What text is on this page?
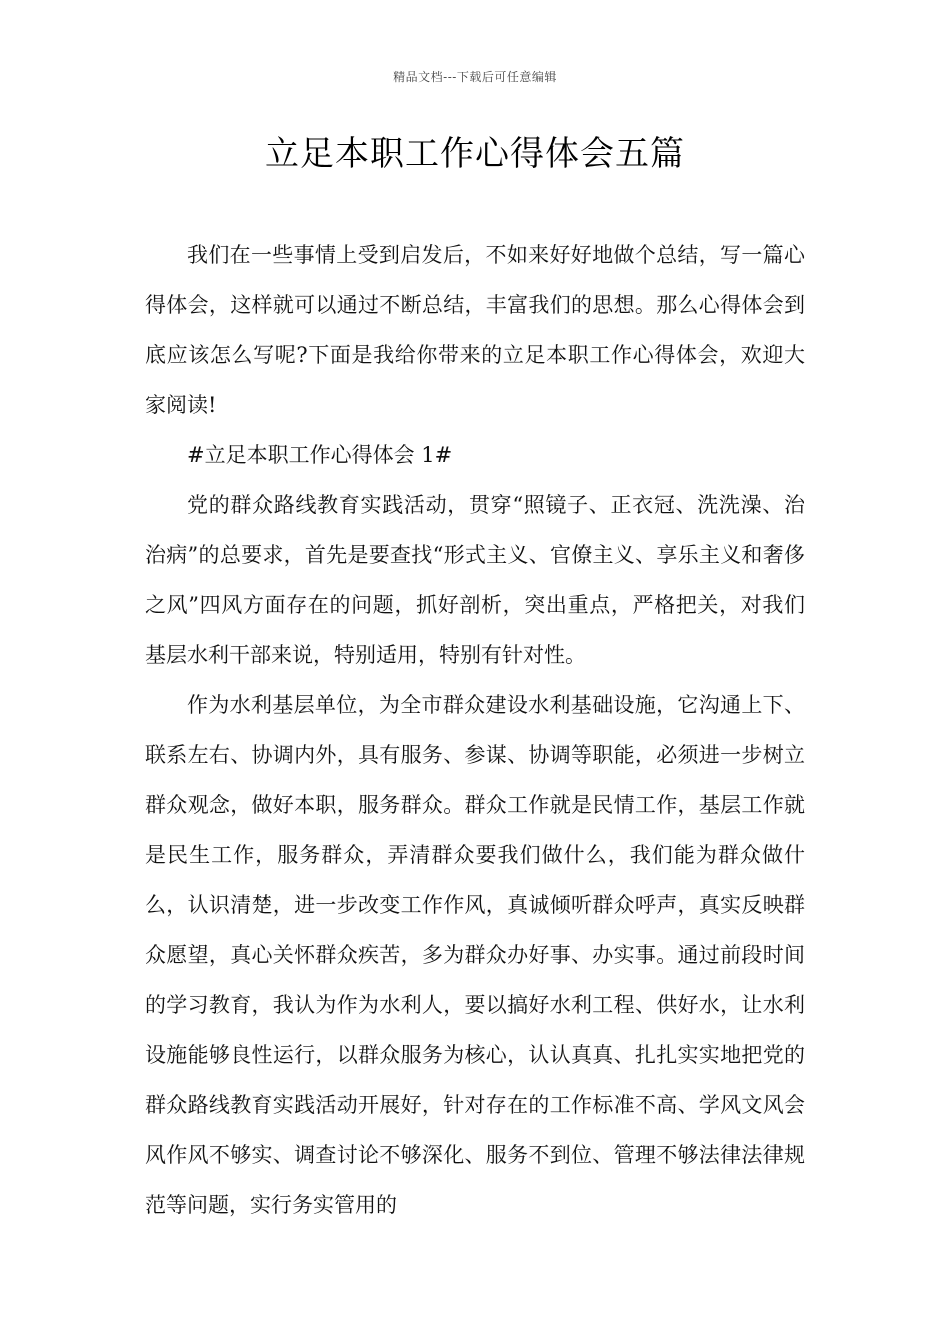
精品文档---下载后可任意编辑
立足本职工作心得体会五篇

我们在一些事情上受到启发后，不如来好好地做个总结，写一篇心得体会，这样就可以通过不断总结，丰富我们的思想。那么心得体会到底应该怎么写呢?下面是我给你带来的立足本职工作心得体会，欢迎大家阅读!

#立足本职工作心得体会 1#

党的群众路线教育实践活动，贯穿“照镜子、正衣冠、洗洗澡、治治病”的总要求，首先是要查找“形式主义、官僚主义、享乐主义和奢侈之风”四风方面存在的问题，抓好剖析，突出重点，严格把关，对我们基层水利干部来说，特别适用，特别有针对性。

作为水利基层单位，为全市群众建设水利基础设施，它沟通上下、联系左右、协调内外，具有服务、参谋、协调等职能，必须进一步树立群众观念，做好本职，服务群众。群众工作就是民情工作，基层工作就是民生工作，服务群众，弄清群众要我们做什么，我们能为群众做什么，认识清楚，进一步改变工作作风，真诚倾听群众呼声，真实反映群众愿望，真心关怀群众疾苦，多为群众办好事、办实事。通过前段时间的学习教育，我认为作为水利人，要以搞好水利工程、供好水，让水利设施能够良性运行，以群众服务为核心，认认真真、扎扎实实地把党的群众路线教育实践活动开展好，针对存在的工作标准不高、学风文风会风作风不够实、调查讨论不够深化、服务不到位、管理不够法律法律规范等问题，实行务实管用的
